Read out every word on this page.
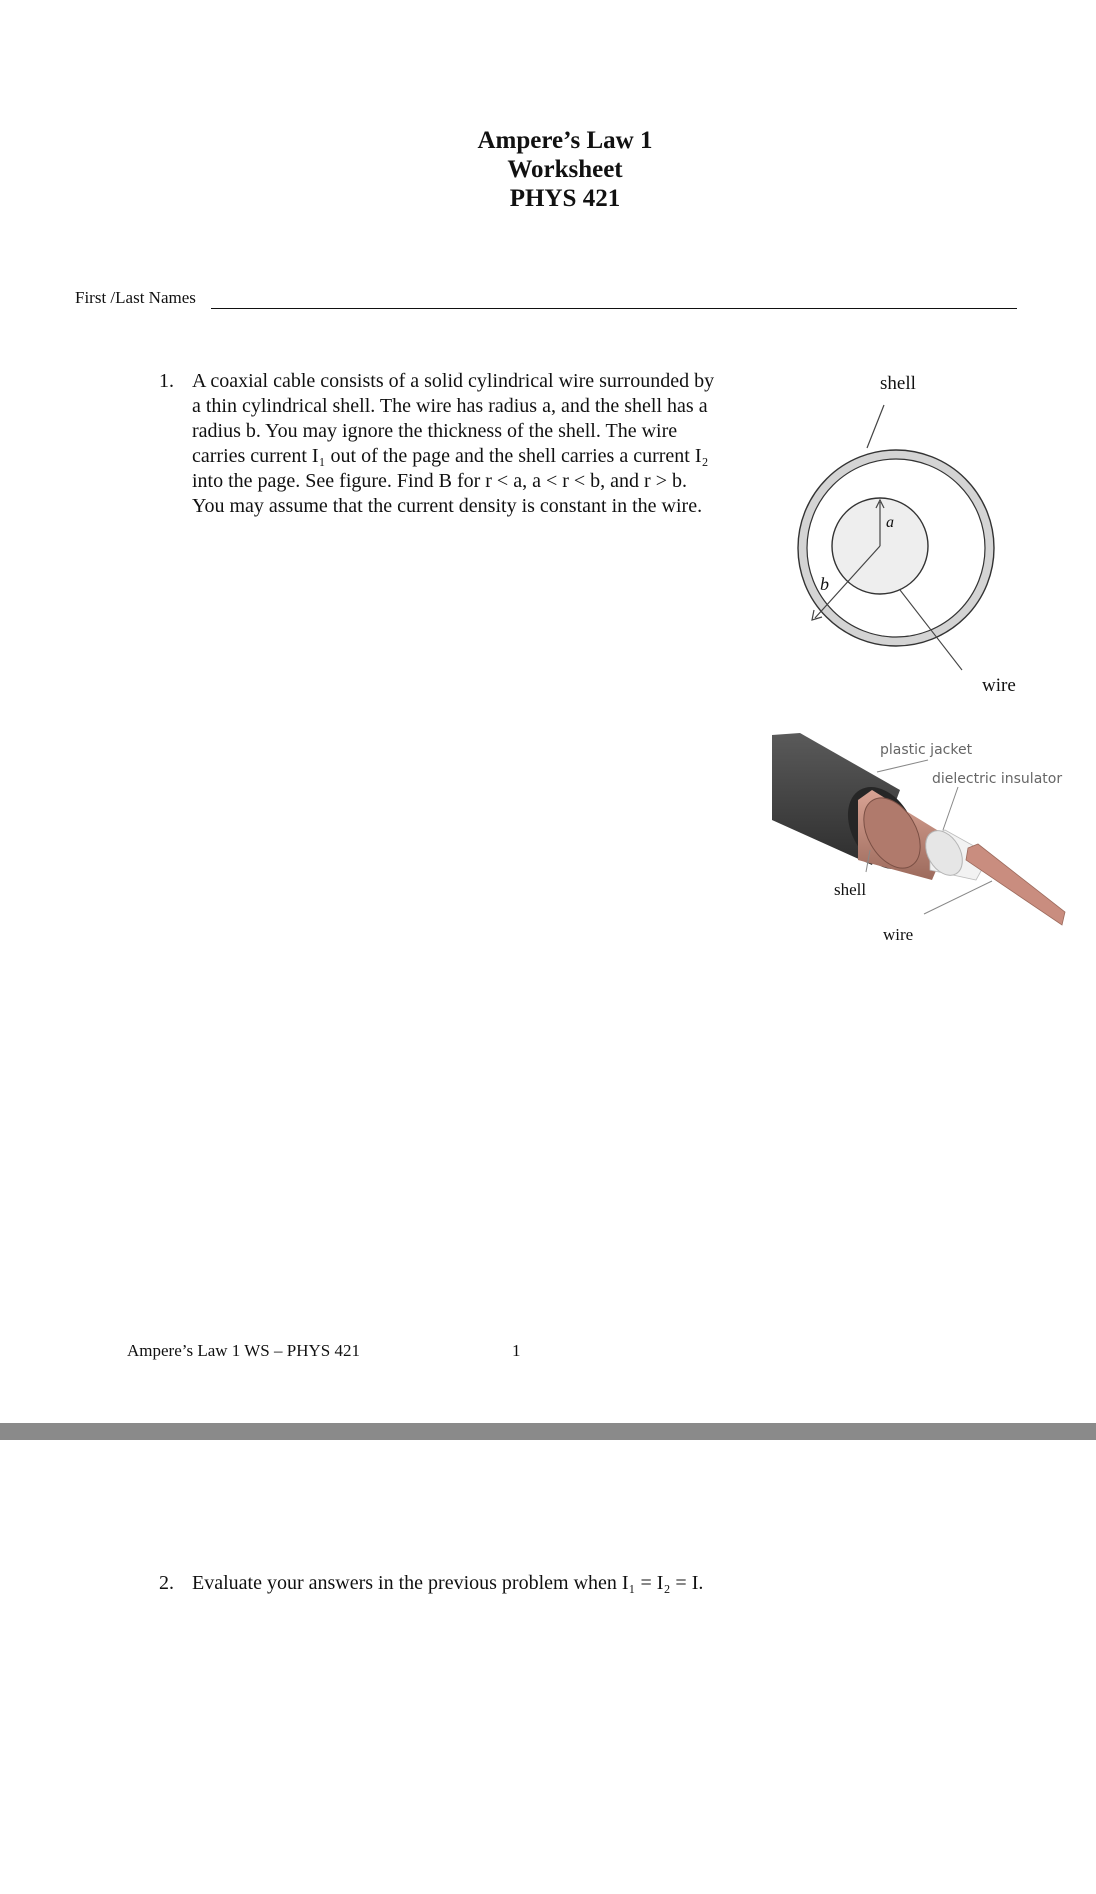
Ampere’s Law 1
Worksheet
PHYS 421
First /Last Names
1. A coaxial cable consists of a solid cylindrical wire surrounded by
a thin cylindrical shell. The wire has radius a, and the shell has a
radius b. You may ignore the thickness of the shell. The wire
carries current I₁ out of the page and the shell carries a current I₂
into the page. See figure. Find B for r < a, a < r < b, and r > b.
You may assume that the current density is constant in the wire.
shell
a
b
wire
plastic jacket
dielectric insulator
shell
wire
Ampere’s Law 1 WS – PHYS 421	1
2. Evaluate your answers in the previous problem when I₁ = I₂ = I.
